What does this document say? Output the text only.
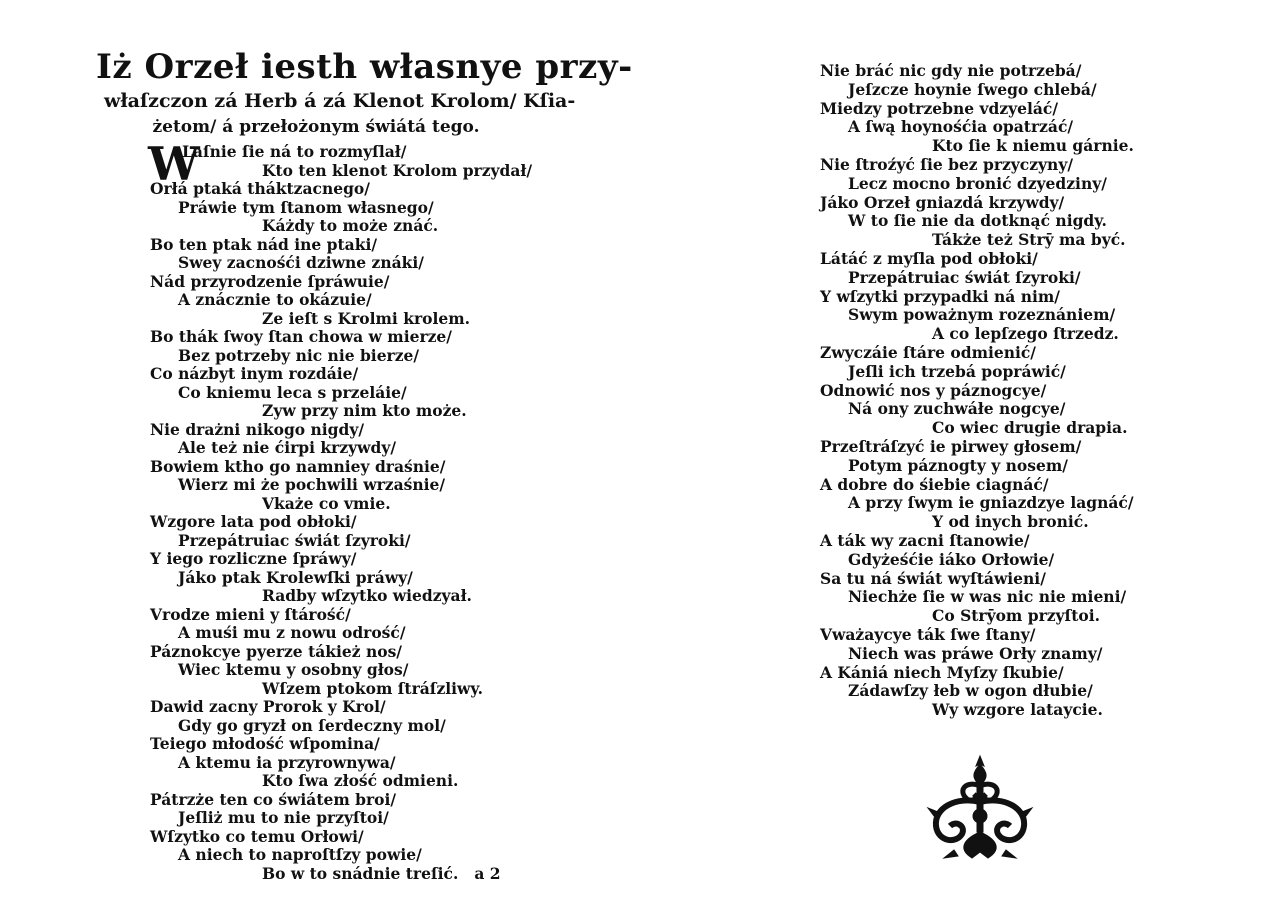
Iż Orzeł iesth własnye przy-
właſzczon zá Herb á zá Klenot Krolom/ Kſia-
żetom/ á przełożonym świátá tego.
W
Laſnie ſie ná to rozmyſlał/
Kto ten klenot Krolom przydał/
Orłá ptaká tháktzacnego/
Práwie tym ſtanom własnego/
Káżdy to może znáć.
Bo ten ptak nád ine ptaki/
Swey zacnośći dziwne znáki/
Nád przyrodzenie ſpráwuie/
A znácznie to okázuie/
Ze ieſt s Krolmi krolem.
Bo thák ſwoy ſtan chowa w mierze/
Bez potrzeby nic nie bierze/
Co názbyt inym rozdáie/
Co kniemu leca s przeláie/
Zyw przy nim kto może.
Nie drażni nikogo nigdy/
Ale też nie ćirpi krzywdy/
Bowiem ktho go namniey draśnie/
Wierz mi że pochwili wrzaśnie/
Vkaże co vmie.
Wzgore lata pod obłoki/
Przepátruiac świát ſzyroki/
Y iego rozliczne ſpráwy/
Jáko ptak Krolewſki práwy/
Radby wſzytko wiedzyał.
Vrodze mieni y ſtárość/
A muśi mu z nowu odrość/
Páznokcye pyerze tákież nos/
Wiec ktemu y osobny głos/
Wſzem ptokom ſtráſzliwy.
Dawid zacny Prorok y Krol/
Gdy go gryzł on ſerdeczny mol/
Teiego młodość wſpomina/
A ktemu ia przyrownywa/
Kto ſwa złość odmieni.
Pátrzże ten co świátem broi/
Jeſliż mu to nie przyſtoi/
Wſzytko co temu Orłowi/
A niech to naproſtſzy powie/
Bo w to snádnie treſić. a 2
Nie bráć nic gdy nie potrzebá/
Jeſzcze hoynie ſwego chlebá/
Miedzy potrzebne vdzyeláć/
A ſwą hoynośćia opatrzáć/
Kto ſie k niemu gárnie.
Nie ſtroźyć ſie bez przyczyny/
Lecz mocno bronić dzyedziny/
Jáko Orzeł gniazdá krzywdy/
W to ſie nie da dotknąć nigdy.
Tákże też Strȳ ma być.
Látáć z myſla pod obłoki/
Przepátruiac świát ſzyroki/
Y wſzytki przypadki ná nim/
Swym poważnym rozeznániem/
A co lepſzego ſtrzedz.
Zwyczáie ſtáre odmienić/
Jeſli ich trzebá popráwić/
Odnowić nos y páznogcye/
Ná ony zuchwáłe nogcye/
Co wiec drugie drapia.
Przeſtráſzyć ie pirwey głosem/
Potym páznogty y nosem/
A dobre do śiebie ciagnáć/
A przy ſwym ie gniazdzye lagnáć/
Y od inych bronić.
A ták wy zacni ſtanowie/
Gdyżeśćie iáko Orłowie/
Sa tu ná świát wyſtáwieni/
Niechże ſie w was nic nie mieni/
Co Strȳom przyſtoi.
Vważaycye ták ſwe ſtany/
Niech was práwe Orły znamy/
A Kániá niech Myſzy ſkubie/
Zádawſzy łeb w ogon dłubie/
Wy wzgore lataycie.
